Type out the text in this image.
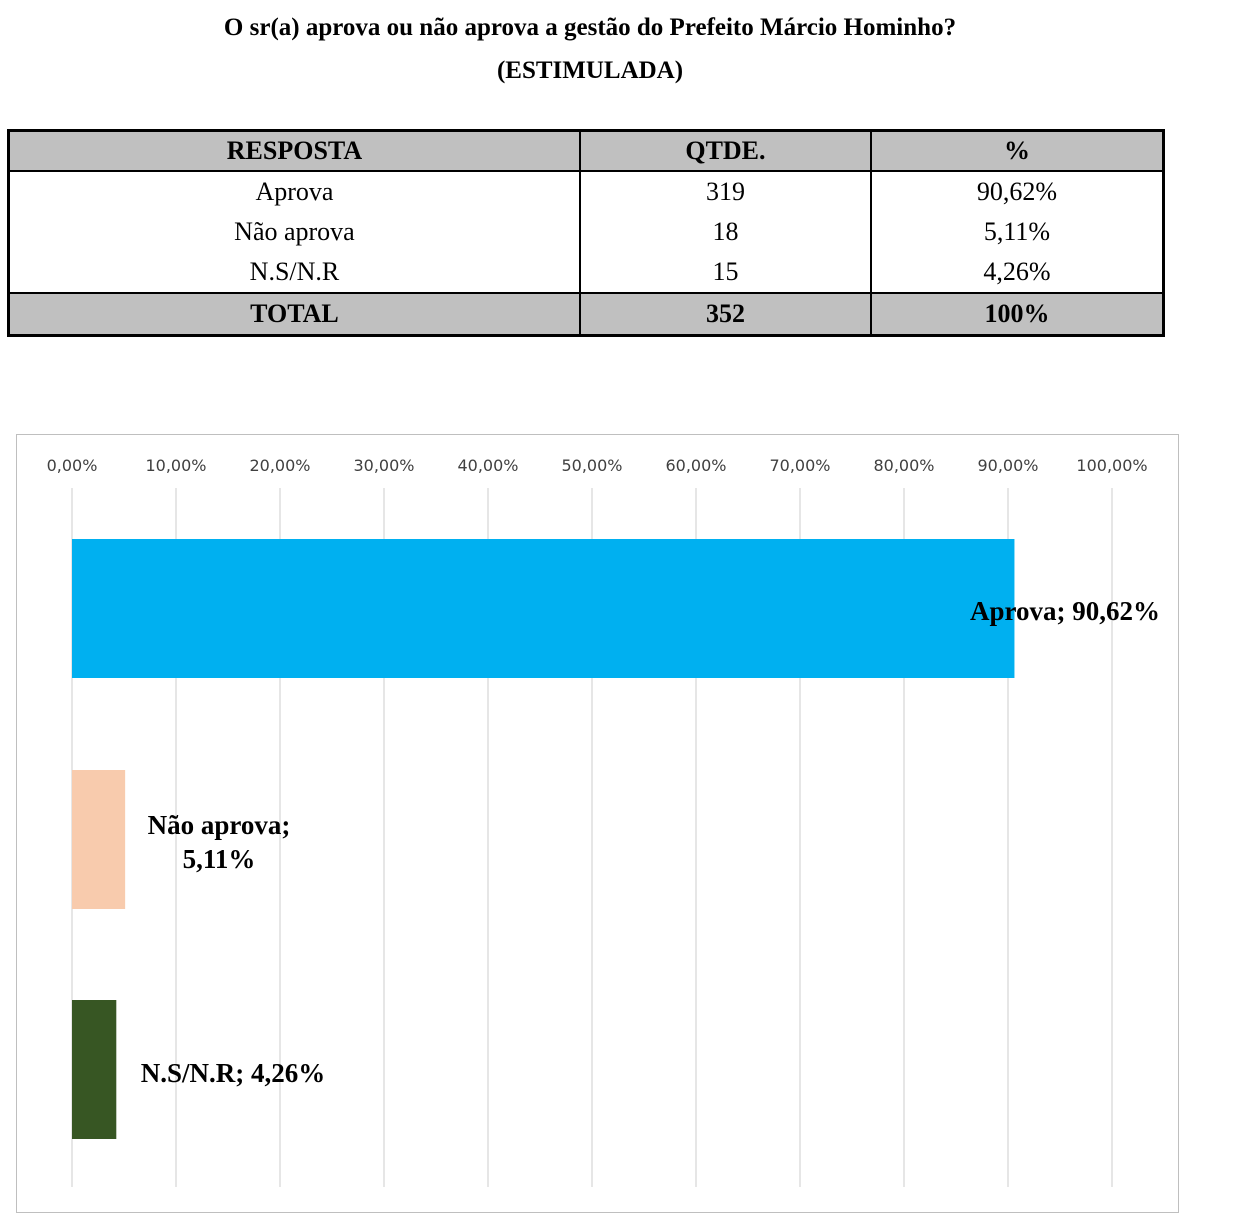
O sr(a) aprova ou não aprova a gestão do Prefeito Márcio Hominho?
(ESTIMULADA)
RESPOSTA	QTDE.	%
Aprova	319	90,62%
Não aprova	18	5,11%
N.S/N.R	15	4,26%
TOTAL	352	100%
0,00%	10,00%	20,00%	30,00%	40,00%	50,00%	60,00%	70,00%	80,00%	90,00% 100,00%
Aprova; 90,62%
Não aprova; 5,11%
N.S/N.R; 4,26%
